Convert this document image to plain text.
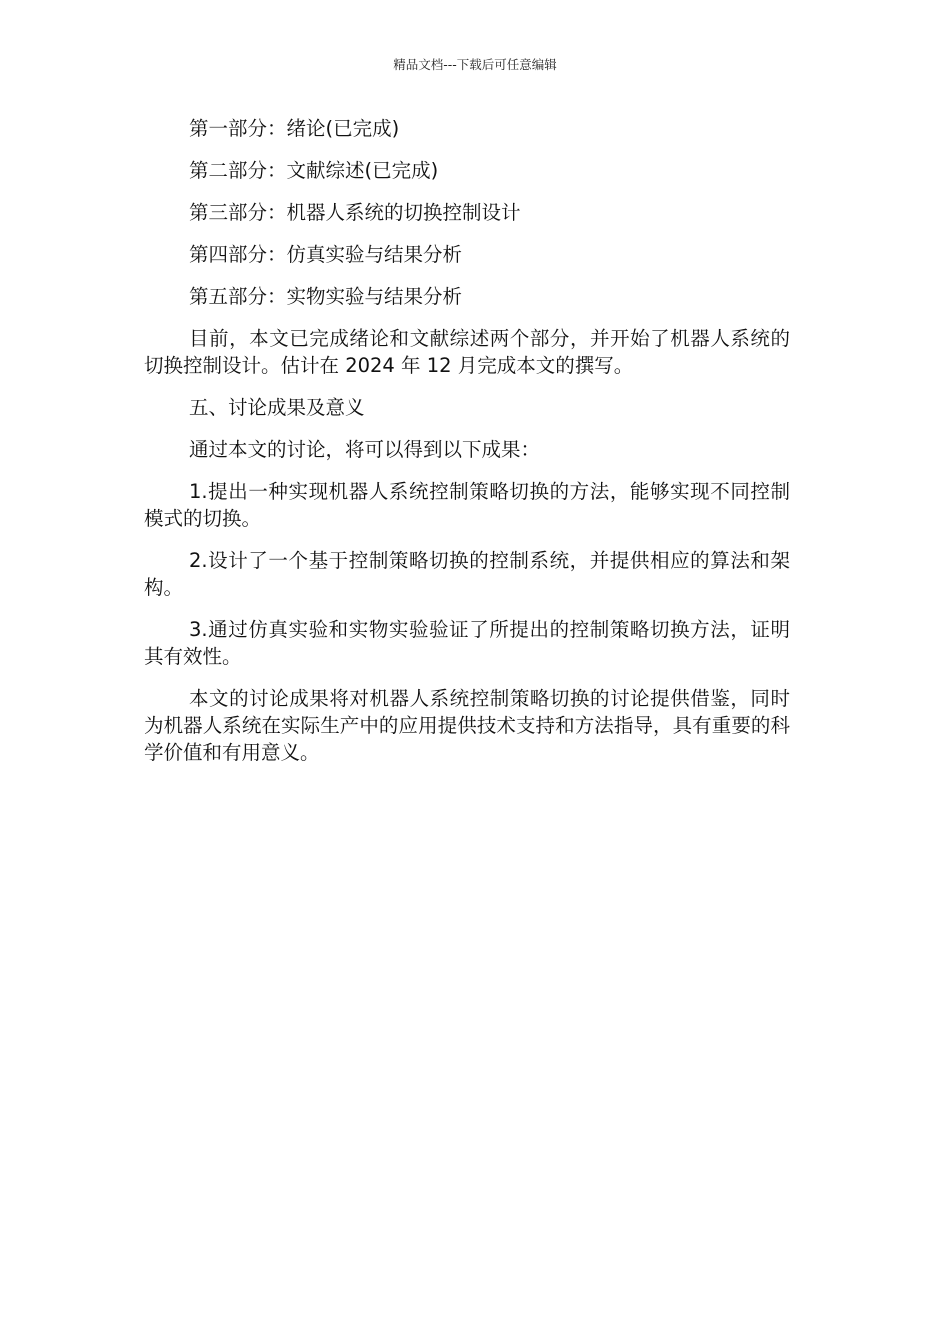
精品文档---下载后可任意编辑

第一部分：绪论(已完成)

第二部分：文献综述(已完成)

第三部分：机器人系统的切换控制设计

第四部分：仿真实验与结果分析

第五部分：实物实验与结果分析

目前，本文已完成绪论和文献综述两个部分，并开始了机器人系统的切换控制设计。估计在 2024 年 12 月完成本文的撰写。

五、讨论成果及意义

通过本文的讨论，将可以得到以下成果：

1.提出一种实现机器人系统控制策略切换的方法，能够实现不同控制模式的切换。

2.设计了一个基于控制策略切换的控制系统，并提供相应的算法和架构。

3.通过仿真实验和实物实验验证了所提出的控制策略切换方法，证明其有效性。

本文的讨论成果将对机器人系统控制策略切换的讨论提供借鉴，同时为机器人系统在实际生产中的应用提供技术支持和方法指导，具有重要的科学价值和有用意义。
